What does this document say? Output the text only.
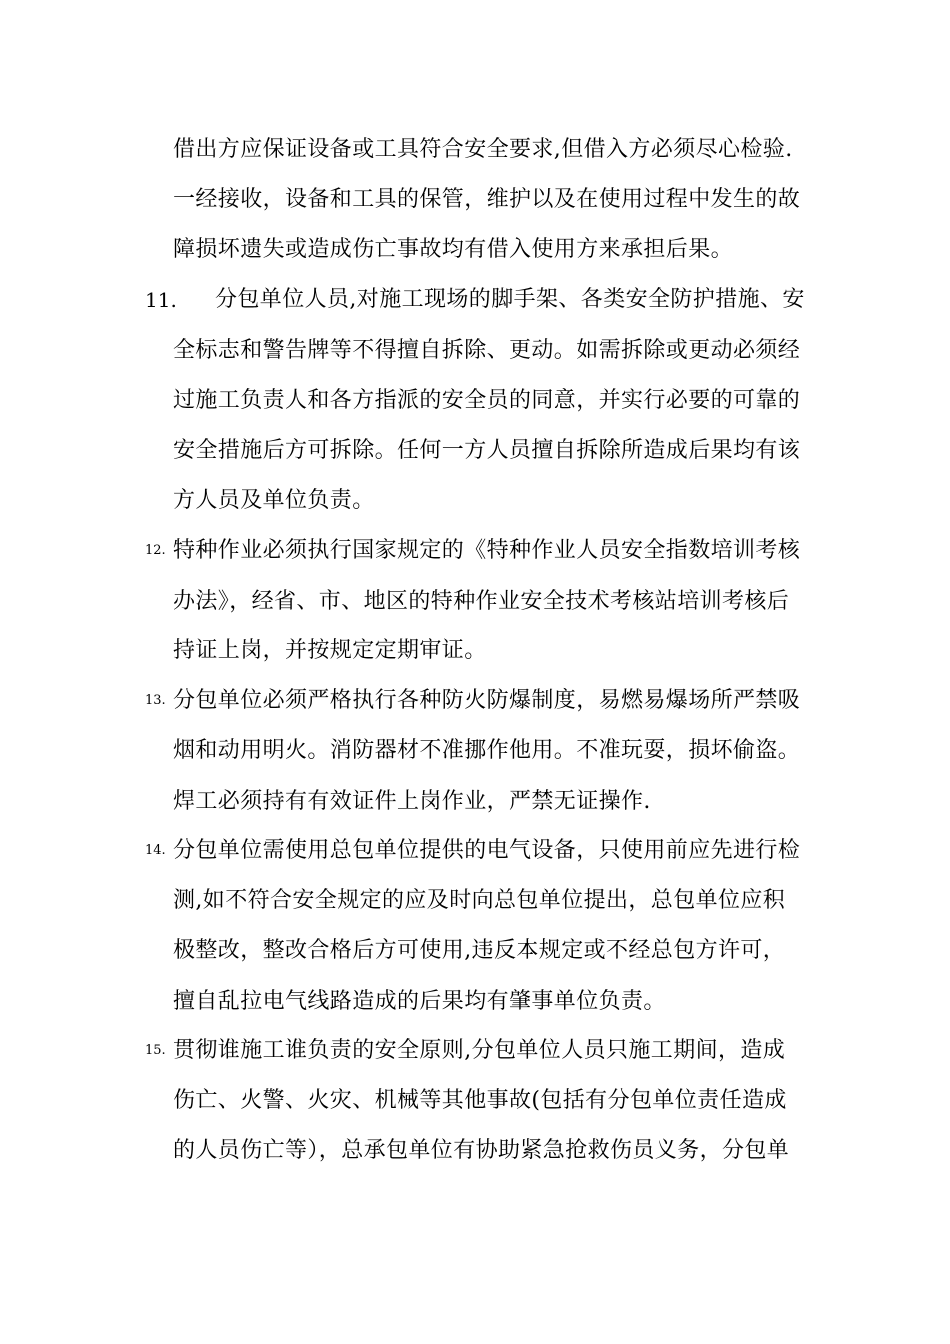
借出方应保证设备或工具符合安全要求,但借入方必须尽心检验.
一经接收，设备和工具的保管，维护以及在使用过程中发生的故
障损坏遗失或造成伤亡事故均有借入使用方来承担后果。
11. 分包单位人员,对施工现场的脚手架、各类安全防护措施、安
全标志和警告牌等不得擅自拆除、更动。如需拆除或更动必须经
过施工负责人和各方指派的安全员的同意，并实行必要的可靠的
安全措施后方可拆除。任何一方人员擅自拆除所造成后果均有该
方人员及单位负责。
12. 特种作业必须执行国家规定的《特种作业人员安全指数培训考核
办法》，经省、市、地区的特种作业安全技术考核站培训考核后
持证上岗，并按规定定期审证。
13. 分包单位必须严格执行各种防火防爆制度，易燃易爆场所严禁吸
烟和动用明火。消防器材不准挪作他用。不准玩耍，损坏偷盗。
焊工必须持有有效证件上岗作业，严禁无证操作.
14. 分包单位需使用总包单位提供的电气设备，只使用前应先进行检
测,如不符合安全规定的应及时向总包单位提出，总包单位应积
极整改，整改合格后方可使用,违反本规定或不经总包方许可，
擅自乱拉电气线路造成的后果均有肇事单位负责。
15. 贯彻谁施工谁负责的安全原则,分包单位人员只施工期间，造成
伤亡、火警、火灾、机械等其他事故(包括有分包单位责任造成
的人员伤亡等），总承包单位有协助紧急抢救伤员义务，分包单
